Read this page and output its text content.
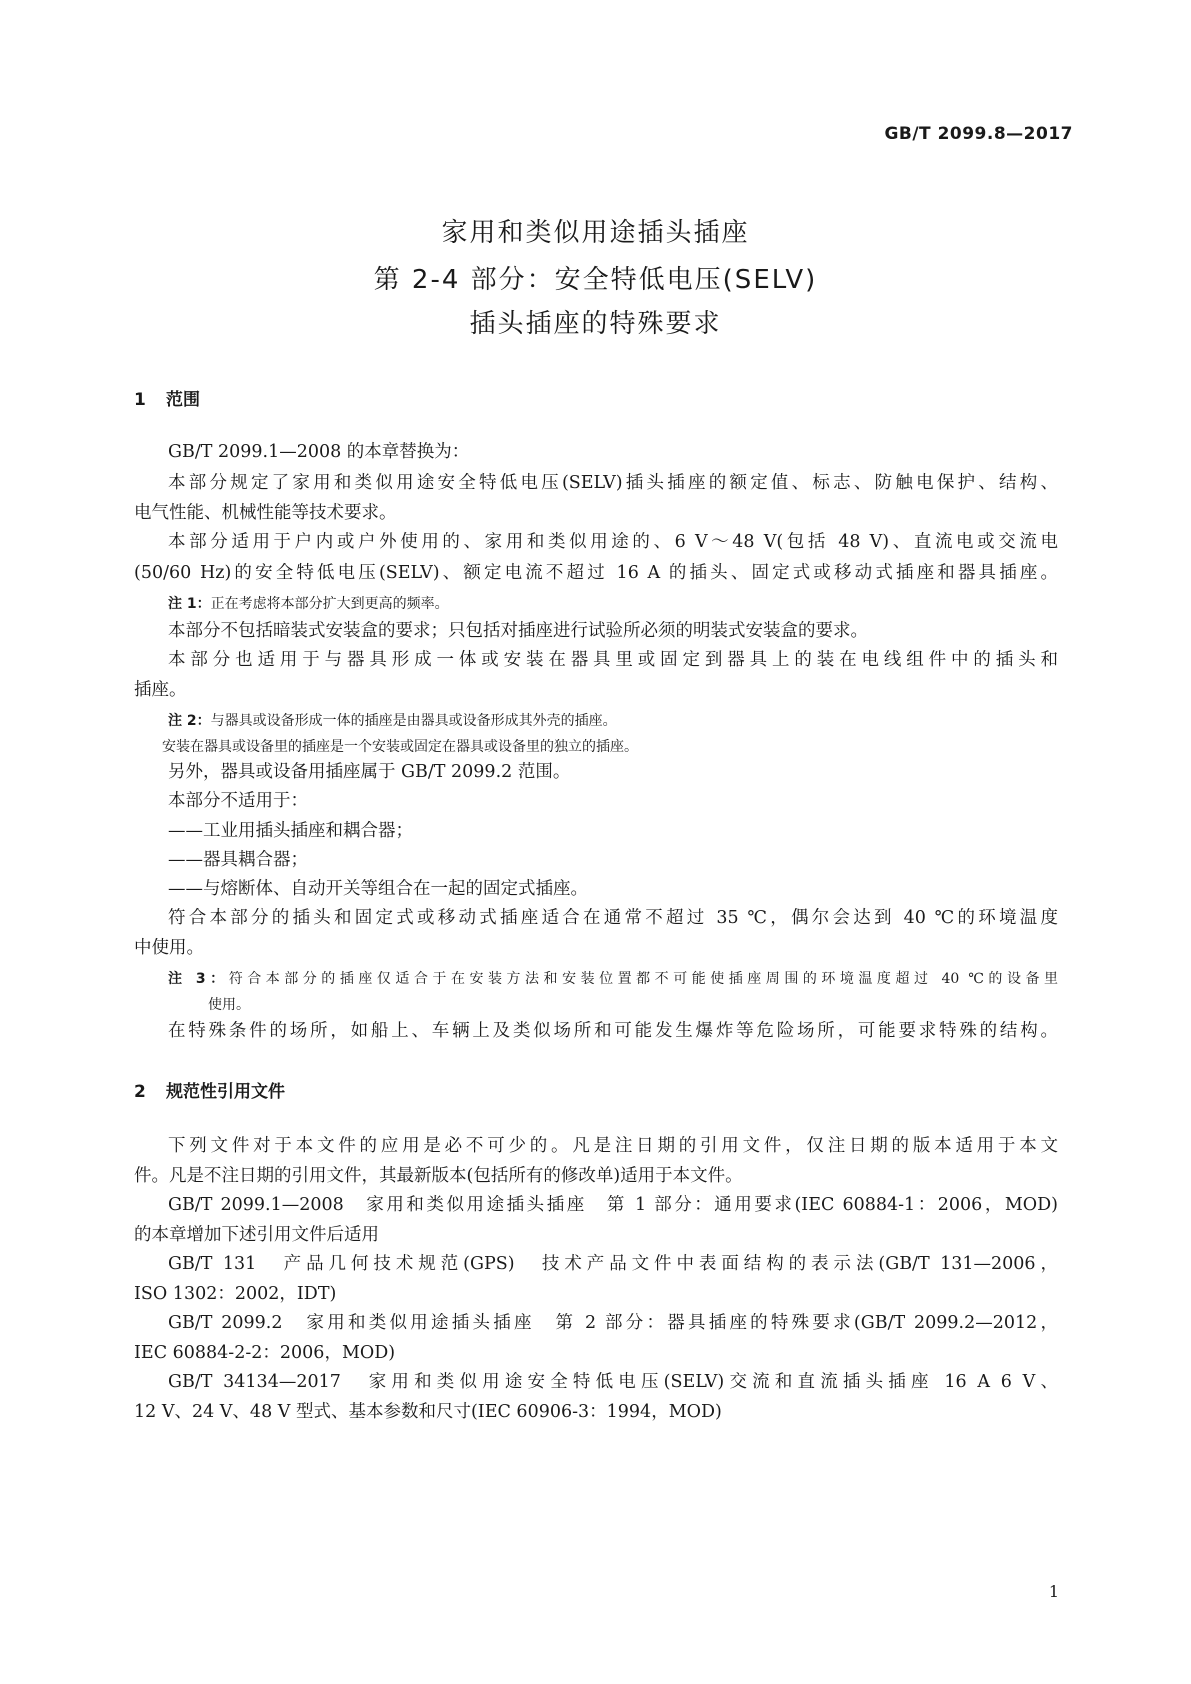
GB/T 2099.8—2017
家用和类似用途插头插座
第 2-4 部分：安全特低电压(SELV)
插头插座的特殊要求
1 范围
GB/T 2099.1—2008 的本章替换为：
本部分规定了家用和类似用途安全特低电压(SELV)插头插座的额定值、标志、防触电保护、结构、
电气性能、机械性能等技术要求。
本部分适用于户内或户外使用的、家用和类似用途的、6 V～48 V(包括 48 V)、直流电或交流电
(50/60 Hz)的安全特低电压(SELV)、额定电流不超过 16 A 的插头、固定式或移动式插座和器具插座。
注 1：正在考虑将本部分扩大到更高的频率。
本部分不包括暗装式安装盒的要求；只包括对插座进行试验所必须的明装式安装盒的要求。
本部分也适用于与器具形成一体或安装在器具里或固定到器具上的装在电线组件中的插头和
插座。
注 2：与器具或设备形成一体的插座是由器具或设备形成其外壳的插座。
安装在器具或设备里的插座是一个安装或固定在器具或设备里的独立的插座。
另外，器具或设备用插座属于 GB/T 2099.2 范围。
本部分不适用于：
——工业用插头插座和耦合器；
——器具耦合器；
——与熔断体、自动开关等组合在一起的固定式插座。
符合本部分的插头和固定式或移动式插座适合在通常不超过 35 ℃，偶尔会达到 40 ℃的环境温度
中使用。
注 3：符合本部分的插座仅适合于在安装方法和安装位置都不可能使插座周围的环境温度超过 40 ℃的设备里
使用。
在特殊条件的场所，如船上、车辆上及类似场所和可能发生爆炸等危险场所，可能要求特殊的结构。
2 规范性引用文件
下列文件对于本文件的应用是必不可少的。凡是注日期的引用文件，仅注日期的版本适用于本文
件。凡是不注日期的引用文件，其最新版本(包括所有的修改单)适用于本文件。
GB/T 2099.1—2008　家用和类似用途插头插座　第 1 部分：通用要求(IEC 60884-1：2006，MOD)
的本章增加下述引用文件后适用
GB/T 131　产品几何技术规范(GPS)　技术产品文件中表面结构的表示法(GB/T 131—2006，
ISO 1302：2002，IDT)
GB/T 2099.2　家用和类似用途插头插座　第 2 部分：器具插座的特殊要求(GB/T 2099.2—2012，
IEC 60884-2-2：2006，MOD)
GB/T 34134—2017　家用和类似用途安全特低电压(SELV)交流和直流插头插座 16 A 6 V、
12 V、24 V、48 V 型式、基本参数和尺寸(IEC 60906-3：1994，MOD)
1
